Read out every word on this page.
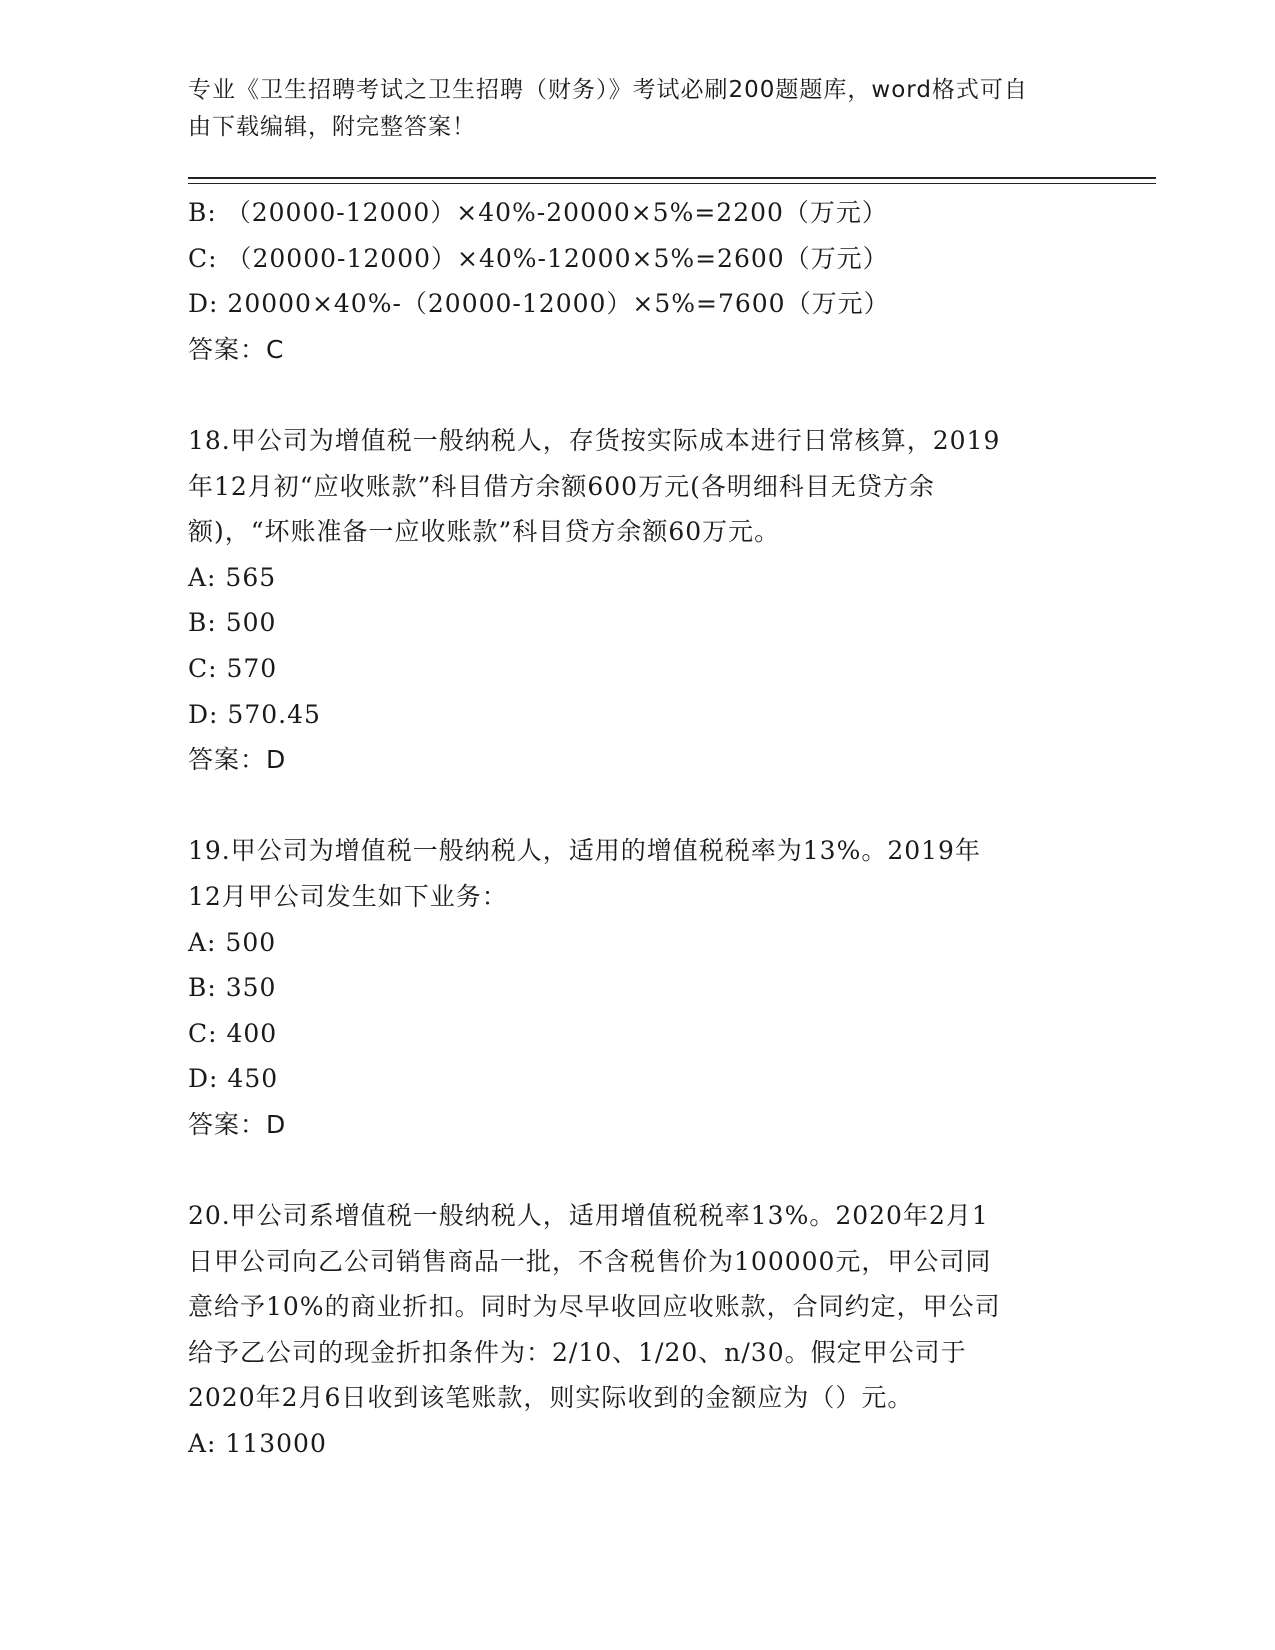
专业《卫生招聘考试之卫生招聘（财务）》考试必刷200题题库，word格式可自
由下载编辑，附完整答案！
B: （20000-12000）×40%-20000×5%=2200（万元）
C: （20000-12000）×40%-12000×5%=2600（万元）
D: 20000×40%-（20000-12000）×5%=7600（万元）
答案：C
18.甲公司为增值税一般纳税人，存货按实际成本进行日常核算，2019
年12月初“应收账款”科目借方余额600万元(各明细科目无贷方余
额)，“坏账准备一应收账款”科目贷方余额60万元。
A: 565
B: 500
C: 570
D: 570.45
答案：D
19.甲公司为增值税一般纳税人，适用的增值税税率为13%。2019年
12月甲公司发生如下业务：
A: 500
B: 350
C: 400
D: 450
答案：D
20.甲公司系增值税一般纳税人，适用增值税税率13%。2020年2月1
日甲公司向乙公司销售商品一批，不含税售价为100000元，甲公司同
意给予10%的商业折扣。同时为尽早收回应收账款，合同约定，甲公司
给予乙公司的现金折扣条件为：2/10、1/20、n/30。假定甲公司于
2020年2月6日收到该笔账款，则实际收到的金额应为（）元。
A: 113000
